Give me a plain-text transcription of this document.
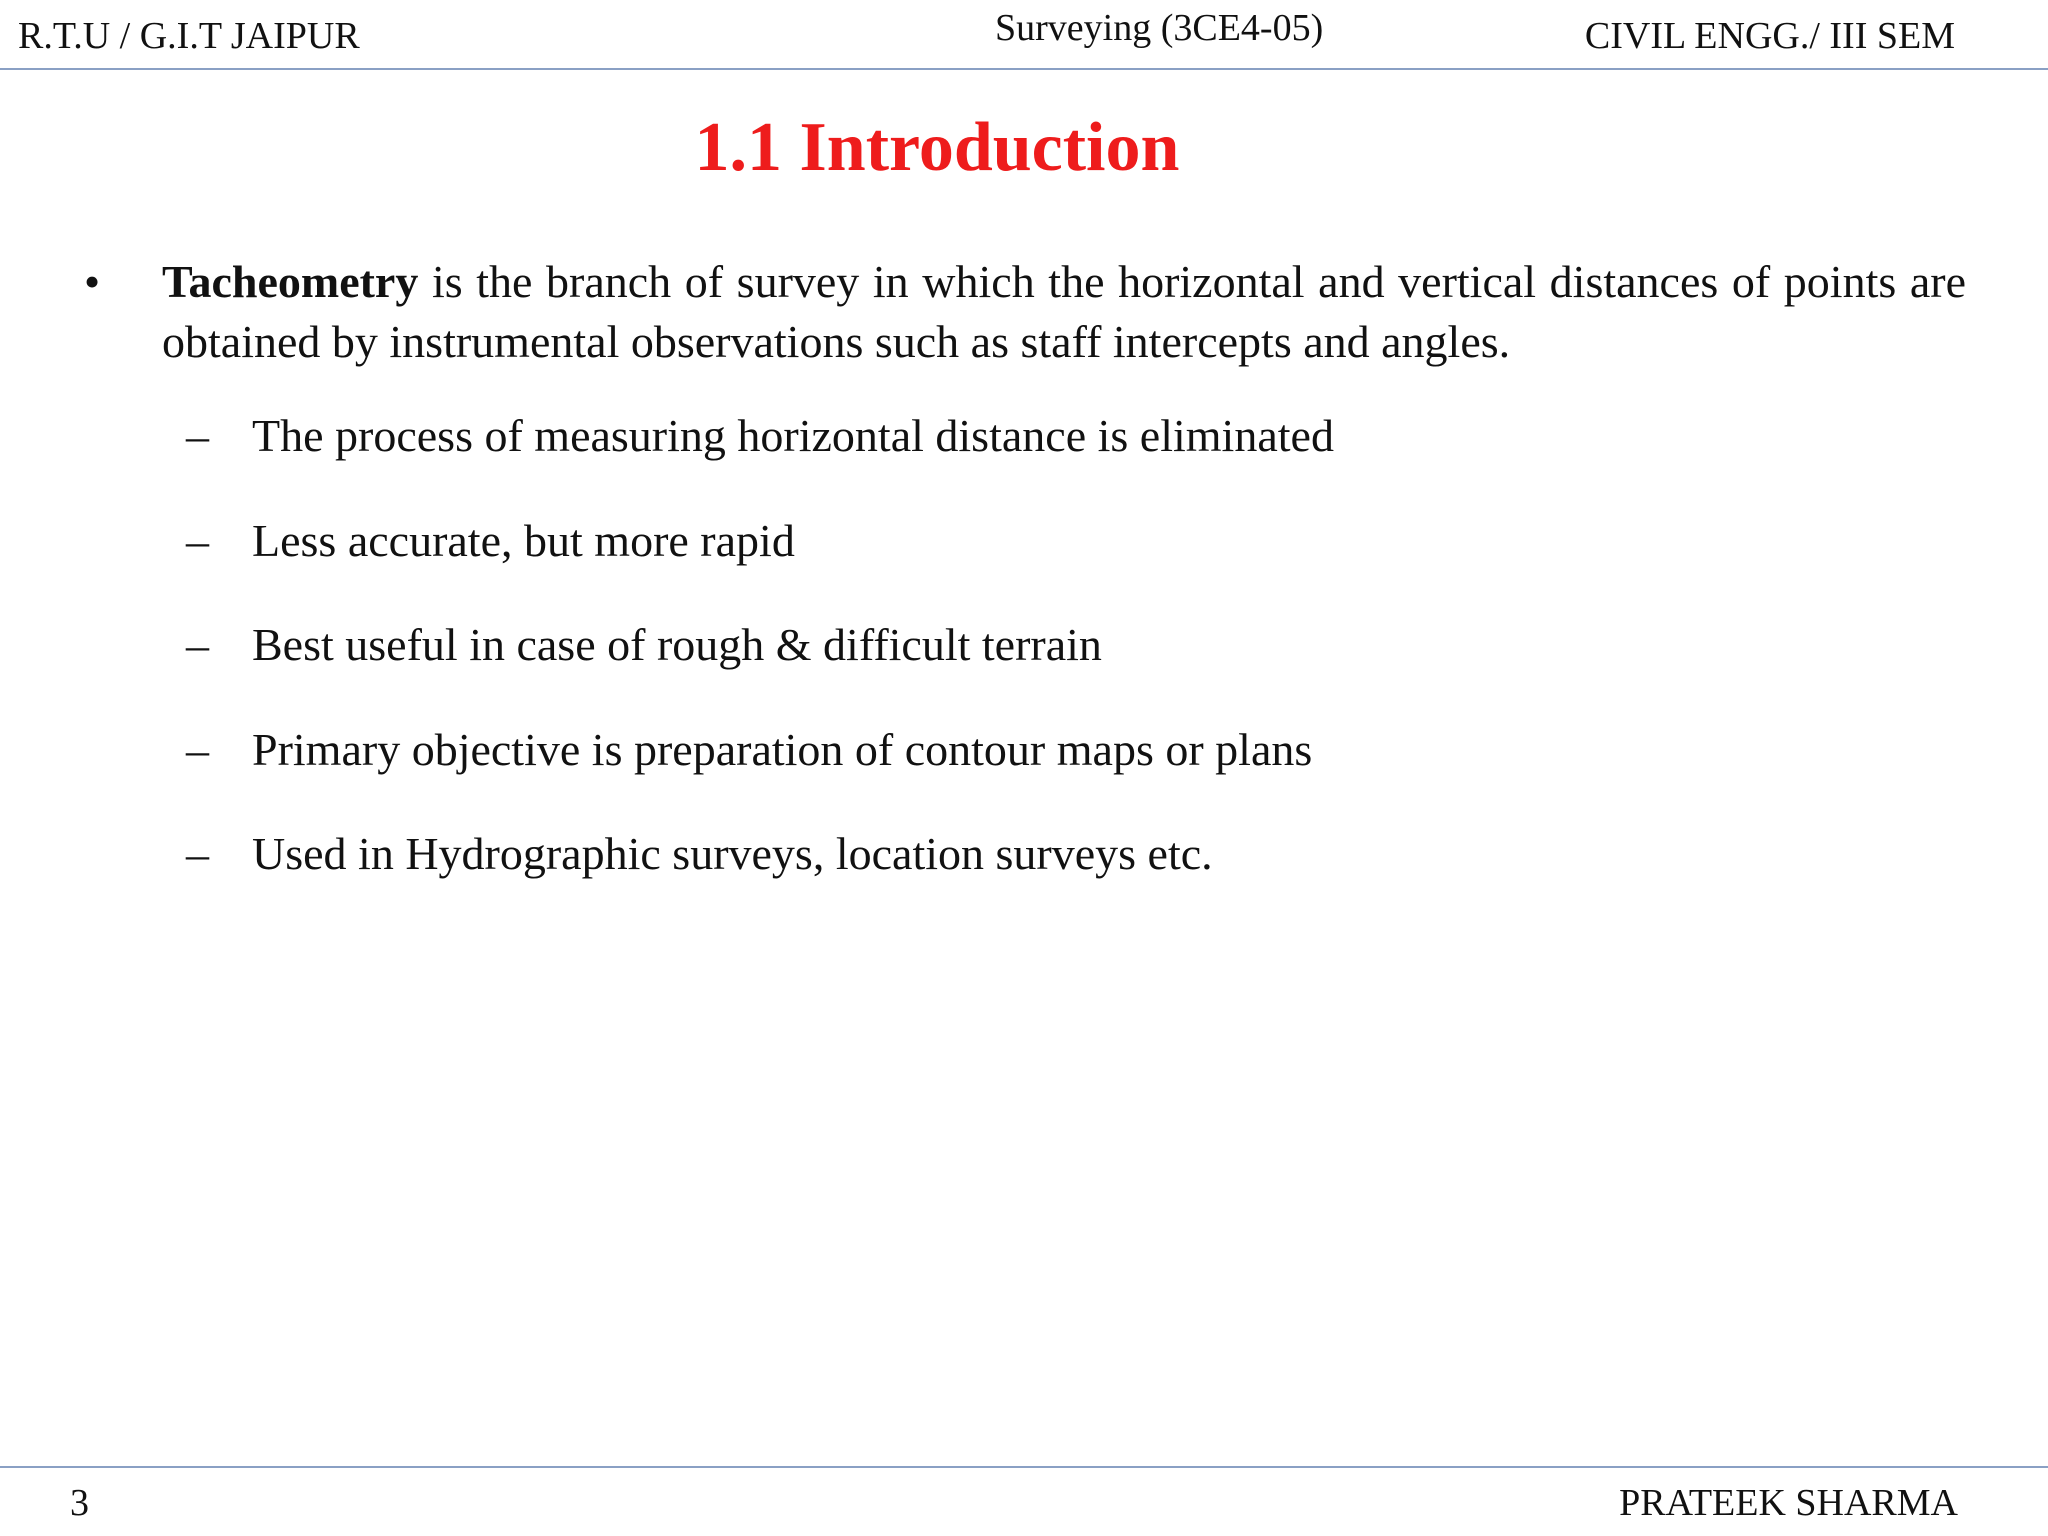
R.T.U / G.I.T JAIPUR	Surveying (3CE4-05)	CIVIL ENGG./ III SEM
1.1 Introduction
• Tacheometry is the branch of survey in which the horizontal and vertical distances of points are obtained by instrumental observations such as staff intercepts and angles.
– The process of measuring horizontal distance is eliminated
– Less accurate, but more rapid
– Best useful in case of rough & difficult terrain
– Primary objective is preparation of contour maps or plans
– Used in Hydrographic surveys, location surveys etc.
3	PRATEEK SHARMA
